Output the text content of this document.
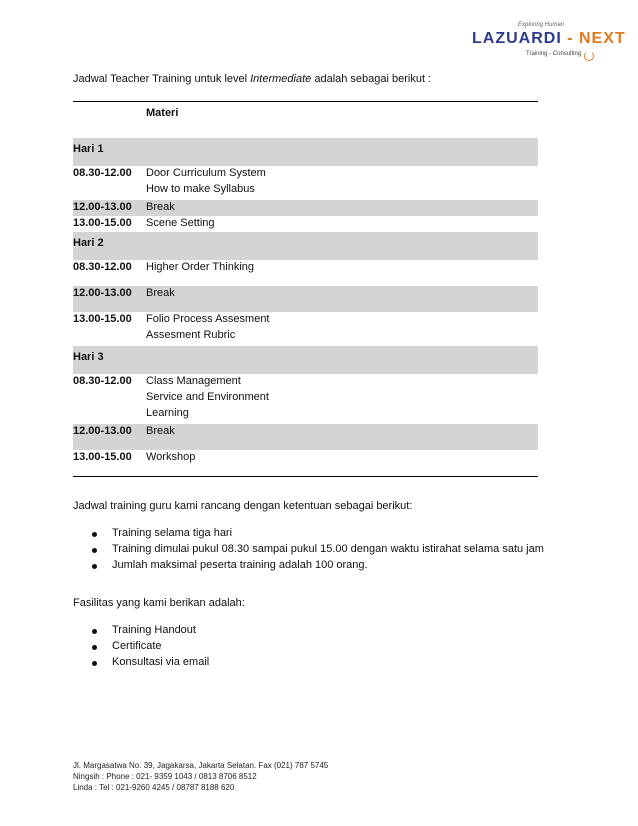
Exploring Human
LAZUARDI - NEXT
Training - Consulting
Jadwal Teacher Training untuk level Intermediate adalah sebagai berikut :
Materi
Hari 1
08.30-12.00	Door Curriculum System
How to make Syllabus
12.00-13.00	Break
13.00-15.00	Scene Setting
Hari 2
08.30-12.00	Higher Order Thinking
12.00-13.00	Break
13.00-15.00	Folio Process Assesment
Assesment Rubric
Hari 3
08.30-12.00	Class Management
Service and Environment
Learning
12.00-13.00	Break
13.00-15.00	Workshop
Jadwal training guru kami rancang dengan ketentuan sebagai berikut:
Training selama tiga hari
Training dimulai pukul 08.30 sampai pukul 15.00 dengan waktu istirahat selama satu jam
Jumlah maksimal peserta training adalah 100 orang.
Fasilitas yang kami berikan adalah:
Training Handout
Certificate
Konsultasi via email
Jl. Margasatwa No. 39, Jagakarsa, Jakarta Selatan. Fax (021) 787 5745
Ningsih : Phone : 021- 9359 1043 / 0813 8706 8512
Linda : Tel : 021-9260 4245 / 08787 8188 620
